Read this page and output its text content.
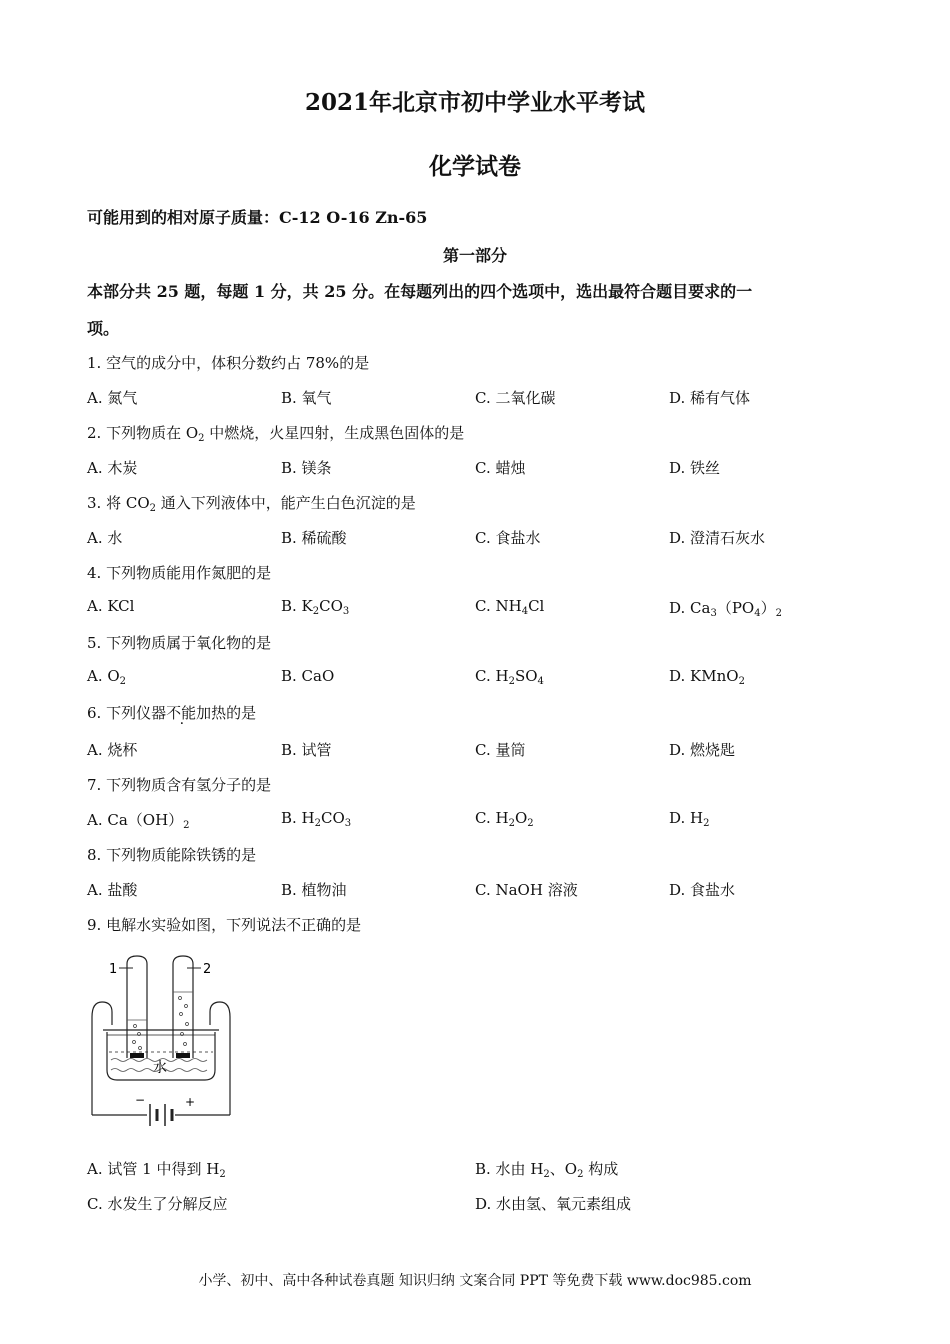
2021年北京市初中学业水平考试
化学试卷
可能用到的相对原子质量：C-12 O-16 Zn-65
第一部分
本部分共 25 题，每题 1 分，共 25 分。在每题列出的四个选项中，选出最符合题目要求的一
项。
1. 空气的成分中，体积分数约占 78%的是
A. 氮气	B. 氧气	C. 二氧化碳	D. 稀有气体
2. 下列物质在 $O_2$ 中燃烧，火星四射，生成黑色固体的是
A. 木炭	B. 镁条	C. 蜡烛	D. 铁丝
3. 将 $CO_2$ 通入下列液体中，能产生白色沉淀的是
A. 水	B. 稀硫酸	C. 食盐水	D. 澄清石灰水
4. 下列物质能用作氮肥的是
A. KCl	B. $K_2CO_3$	C. $NH_4Cl$	D. $Ca_3(PO_4)_2$
5. 下列物质属于氧化物的是
A. $O_2$	B. CaO	C. $H_2SO_4$	D. KMnO$_2$
6. 下列仪器不能加热的是
A. 烧杯	B. 试管	C. 量筒	D. 燃烧匙
7. 下列物质含有氢分子的是
A. $Ca(OH)_2$	B. $H_2CO_3$	C. $H_2O_2$	D. $H_2$
8. 下列物质能除铁锈的是
A. 盐酸	B. 植物油	C. NaOH 溶液	D. 食盐水
9. 电解水实验如图，下列说法不正确的是
−	+
水
1	2
A. 试管 1 中得到 $H_2$	B. 水由 $H_2$、$O_2$ 构成
C. 水发生了分解反应	D. 水由氢、氧元素组成
小学、初中、高中各种试卷真题 知识归纳 文案合同 PPT 等免费下载 www.doc985.com
